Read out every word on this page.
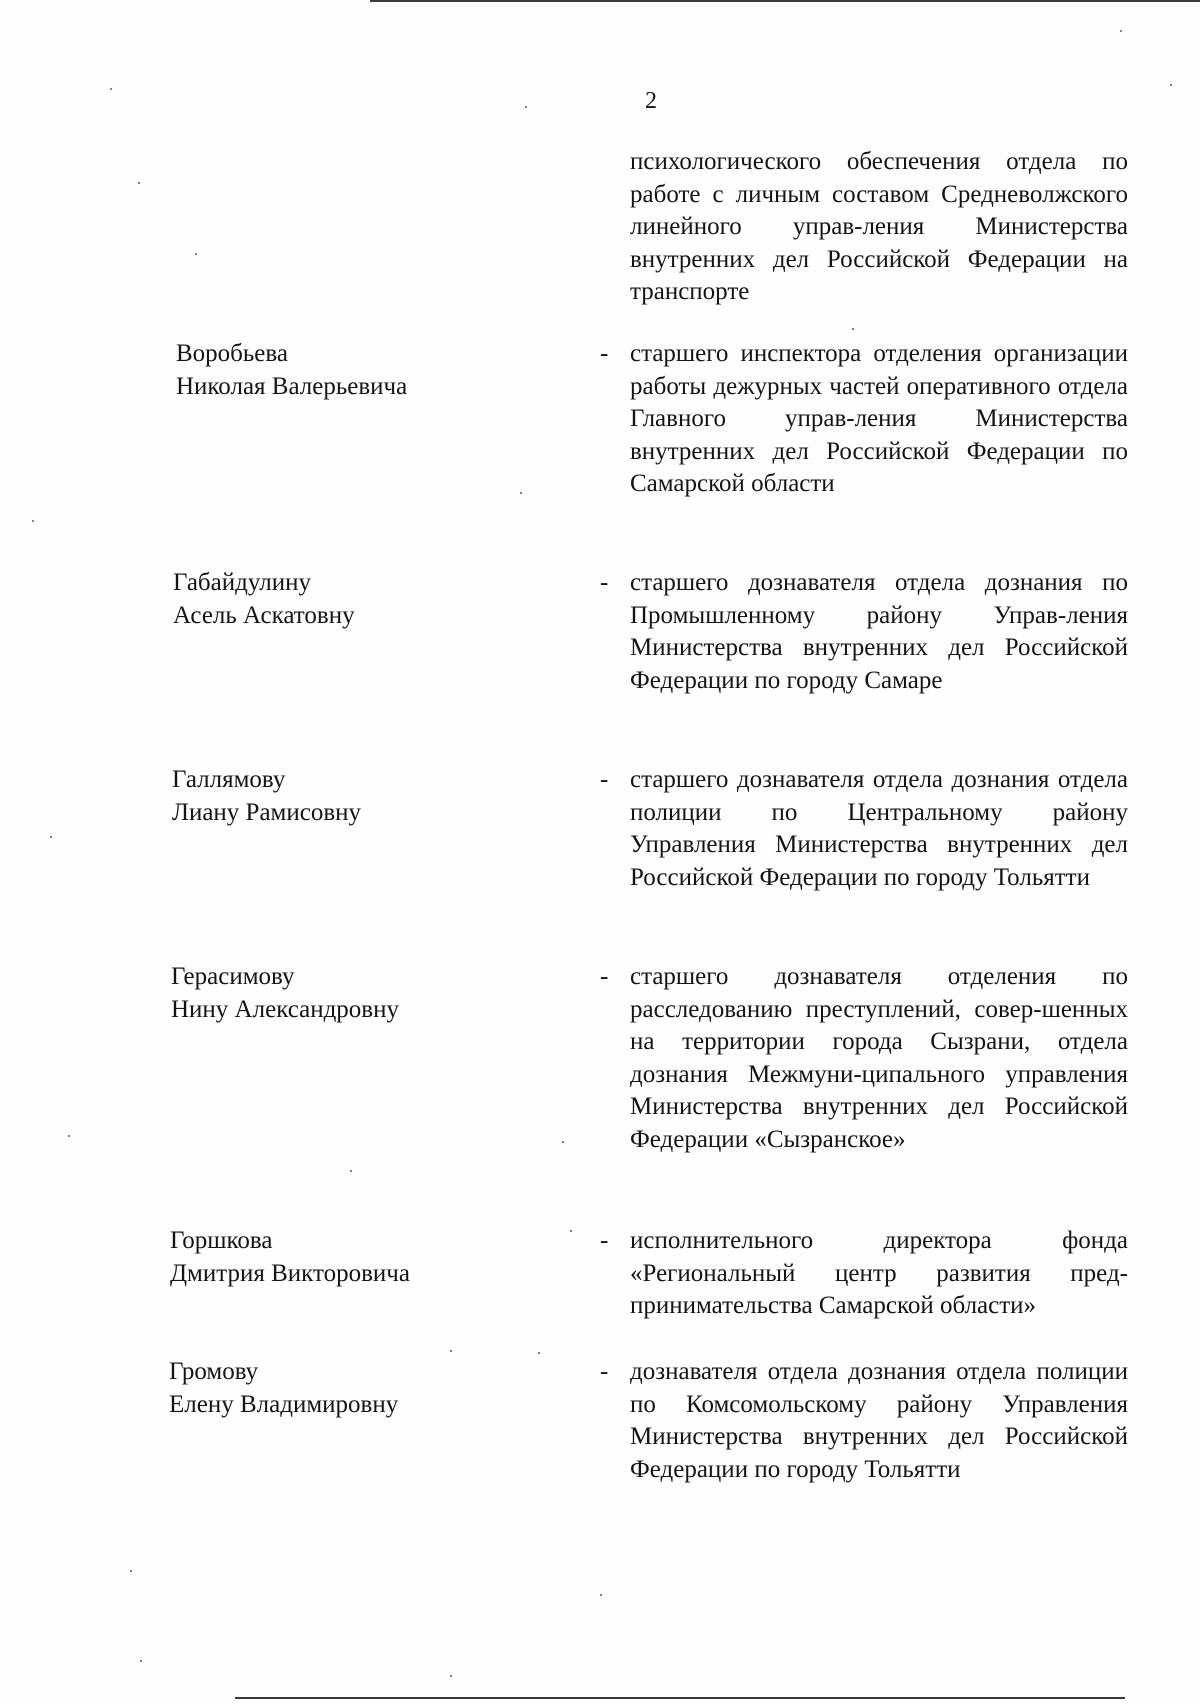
2
психологического обеспечения отдела по работе с личным составом Средневолжского линейного управ-ления Министерства внутренних дел Российской Федерации на транспорте
Воробьева
Николая Валерьевича
- старшего инспектора отделения организации работы дежурных частей оперативного отдела Главного управ-ления Министерства внутренних дел Российской Федерации по Самарской области
Габайдулину
Асель Аскатовну
- старшего дознавателя отдела дознания по Промышленному району Управ-ления Министерства внутренних дел Российской Федерации по городу Самаре
Галлямову
Лиану Рамисовну
- старшего дознавателя отдела дознания отдела полиции по Центральному району Управления Министерства внутренних дел Российской Федерации по городу Тольятти
Герасимову
Нину Александровну
- старшего дознавателя отделения по расследованию преступлений, совер-шенных на территории города Сызрани, отдела дознания Межмуни-ципального управления Министерства внутренних дел Российской Федерации «Сызранское»
Горшкова
Дмитрия Викторовича
- исполнительного директора фонда «Региональный центр развития пред-принимательства Самарской области»
Громову
Елену Владимировну
- дознавателя отдела дознания отдела полиции по Комсомольскому району Управления Министерства внутренних дел Российской Федерации по городу Тольятти
